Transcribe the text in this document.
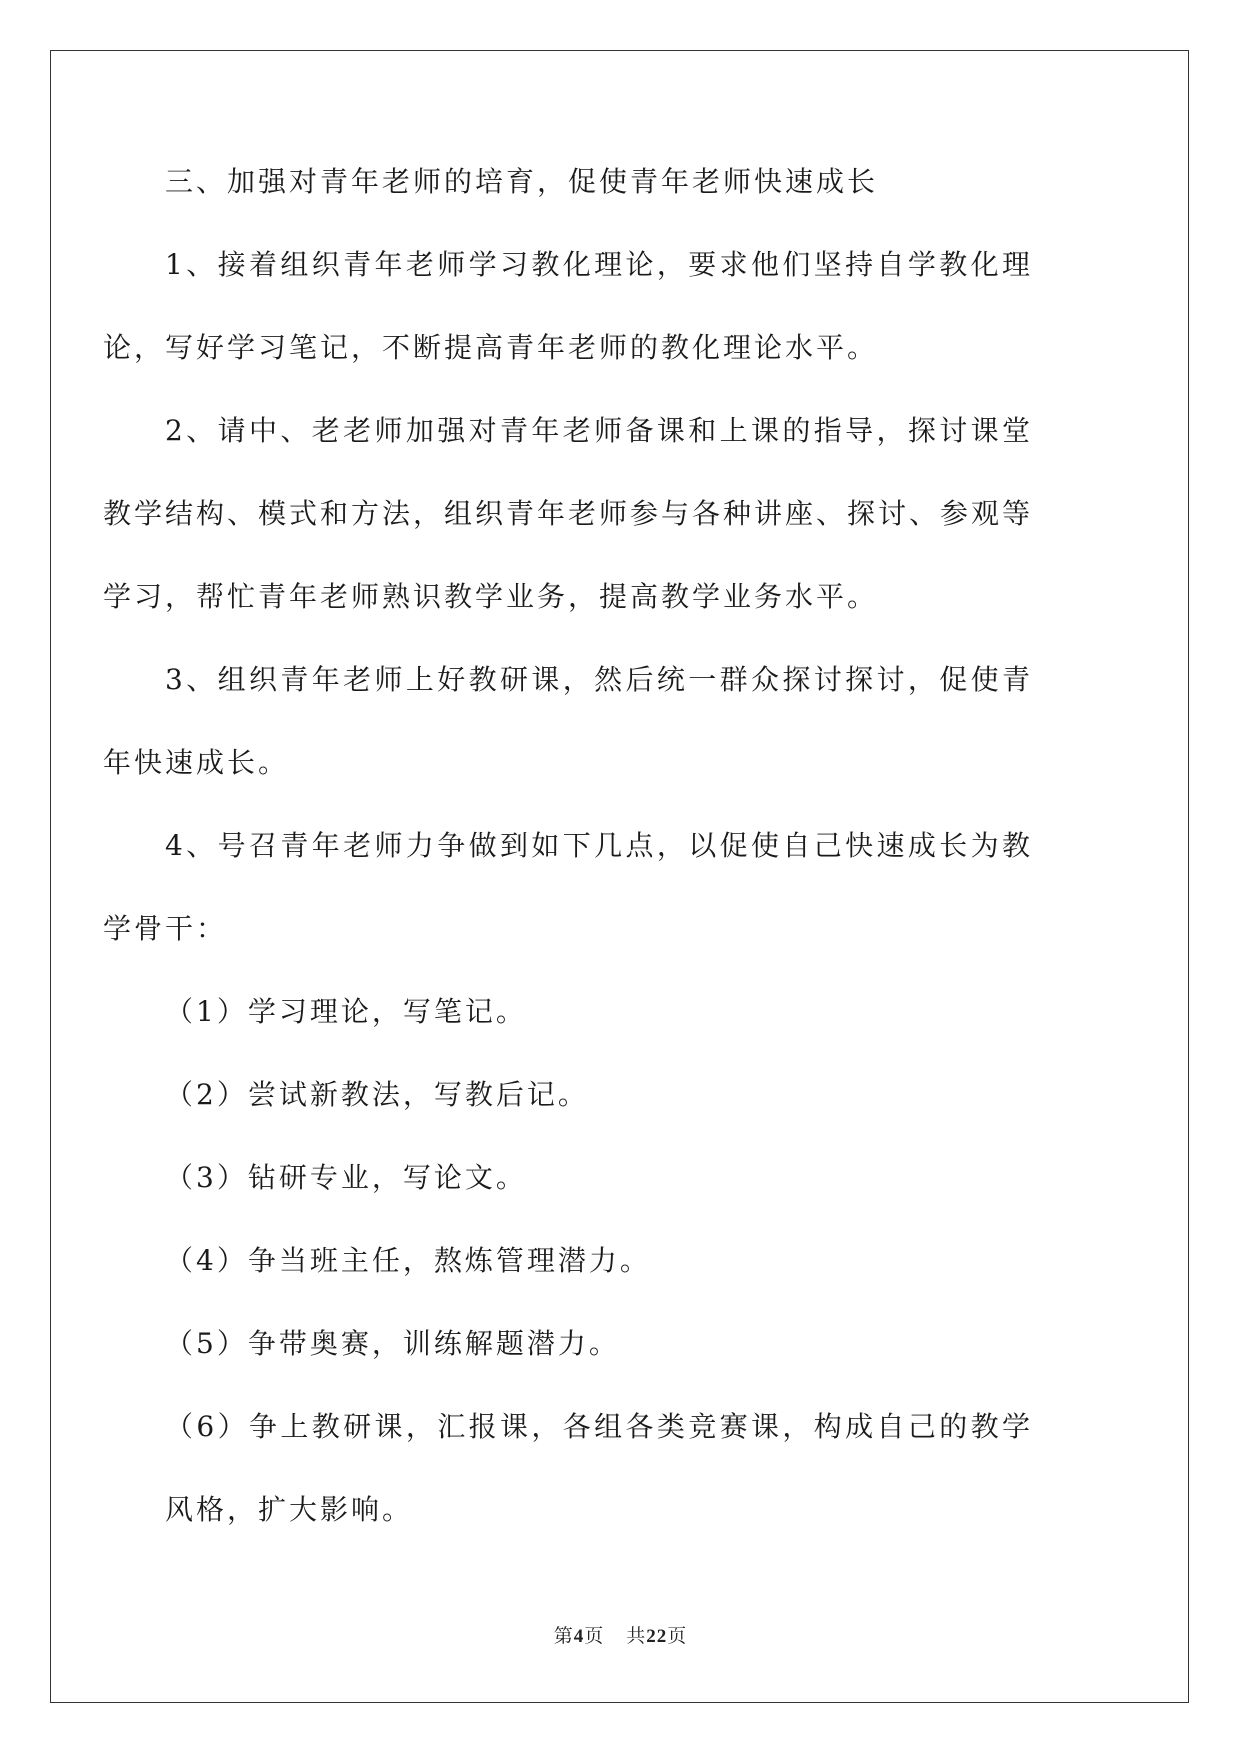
三、加强对青年老师的培育，促使青年老师快速成长

1、接着组织青年老师学习教化理论，要求他们坚持自学教化理论，写好学习笔记，不断提高青年老师的教化理论水平。

2、请中、老老师加强对青年老师备课和上课的指导，探讨课堂教学结构、模式和方法，组织青年老师参与各种讲座、探讨、参观等学习，帮忙青年老师熟识教学业务，提高教学业务水平。

3、组织青年老师上好教研课，然后统一群众探讨探讨，促使青年快速成长。

4、号召青年老师力争做到如下几点，以促使自己快速成长为教学骨干：

（1）学习理论，写笔记。

（2）尝试新教法，写教后记。

（3）钻研专业，写论文。

（4）争当班主任，熬炼管理潜力。

（5）争带奥赛，训练解题潜力。

（6）争上教研课，汇报课，各组各类竞赛课，构成自己的教学风格，扩大影响。

第4页 共22页
